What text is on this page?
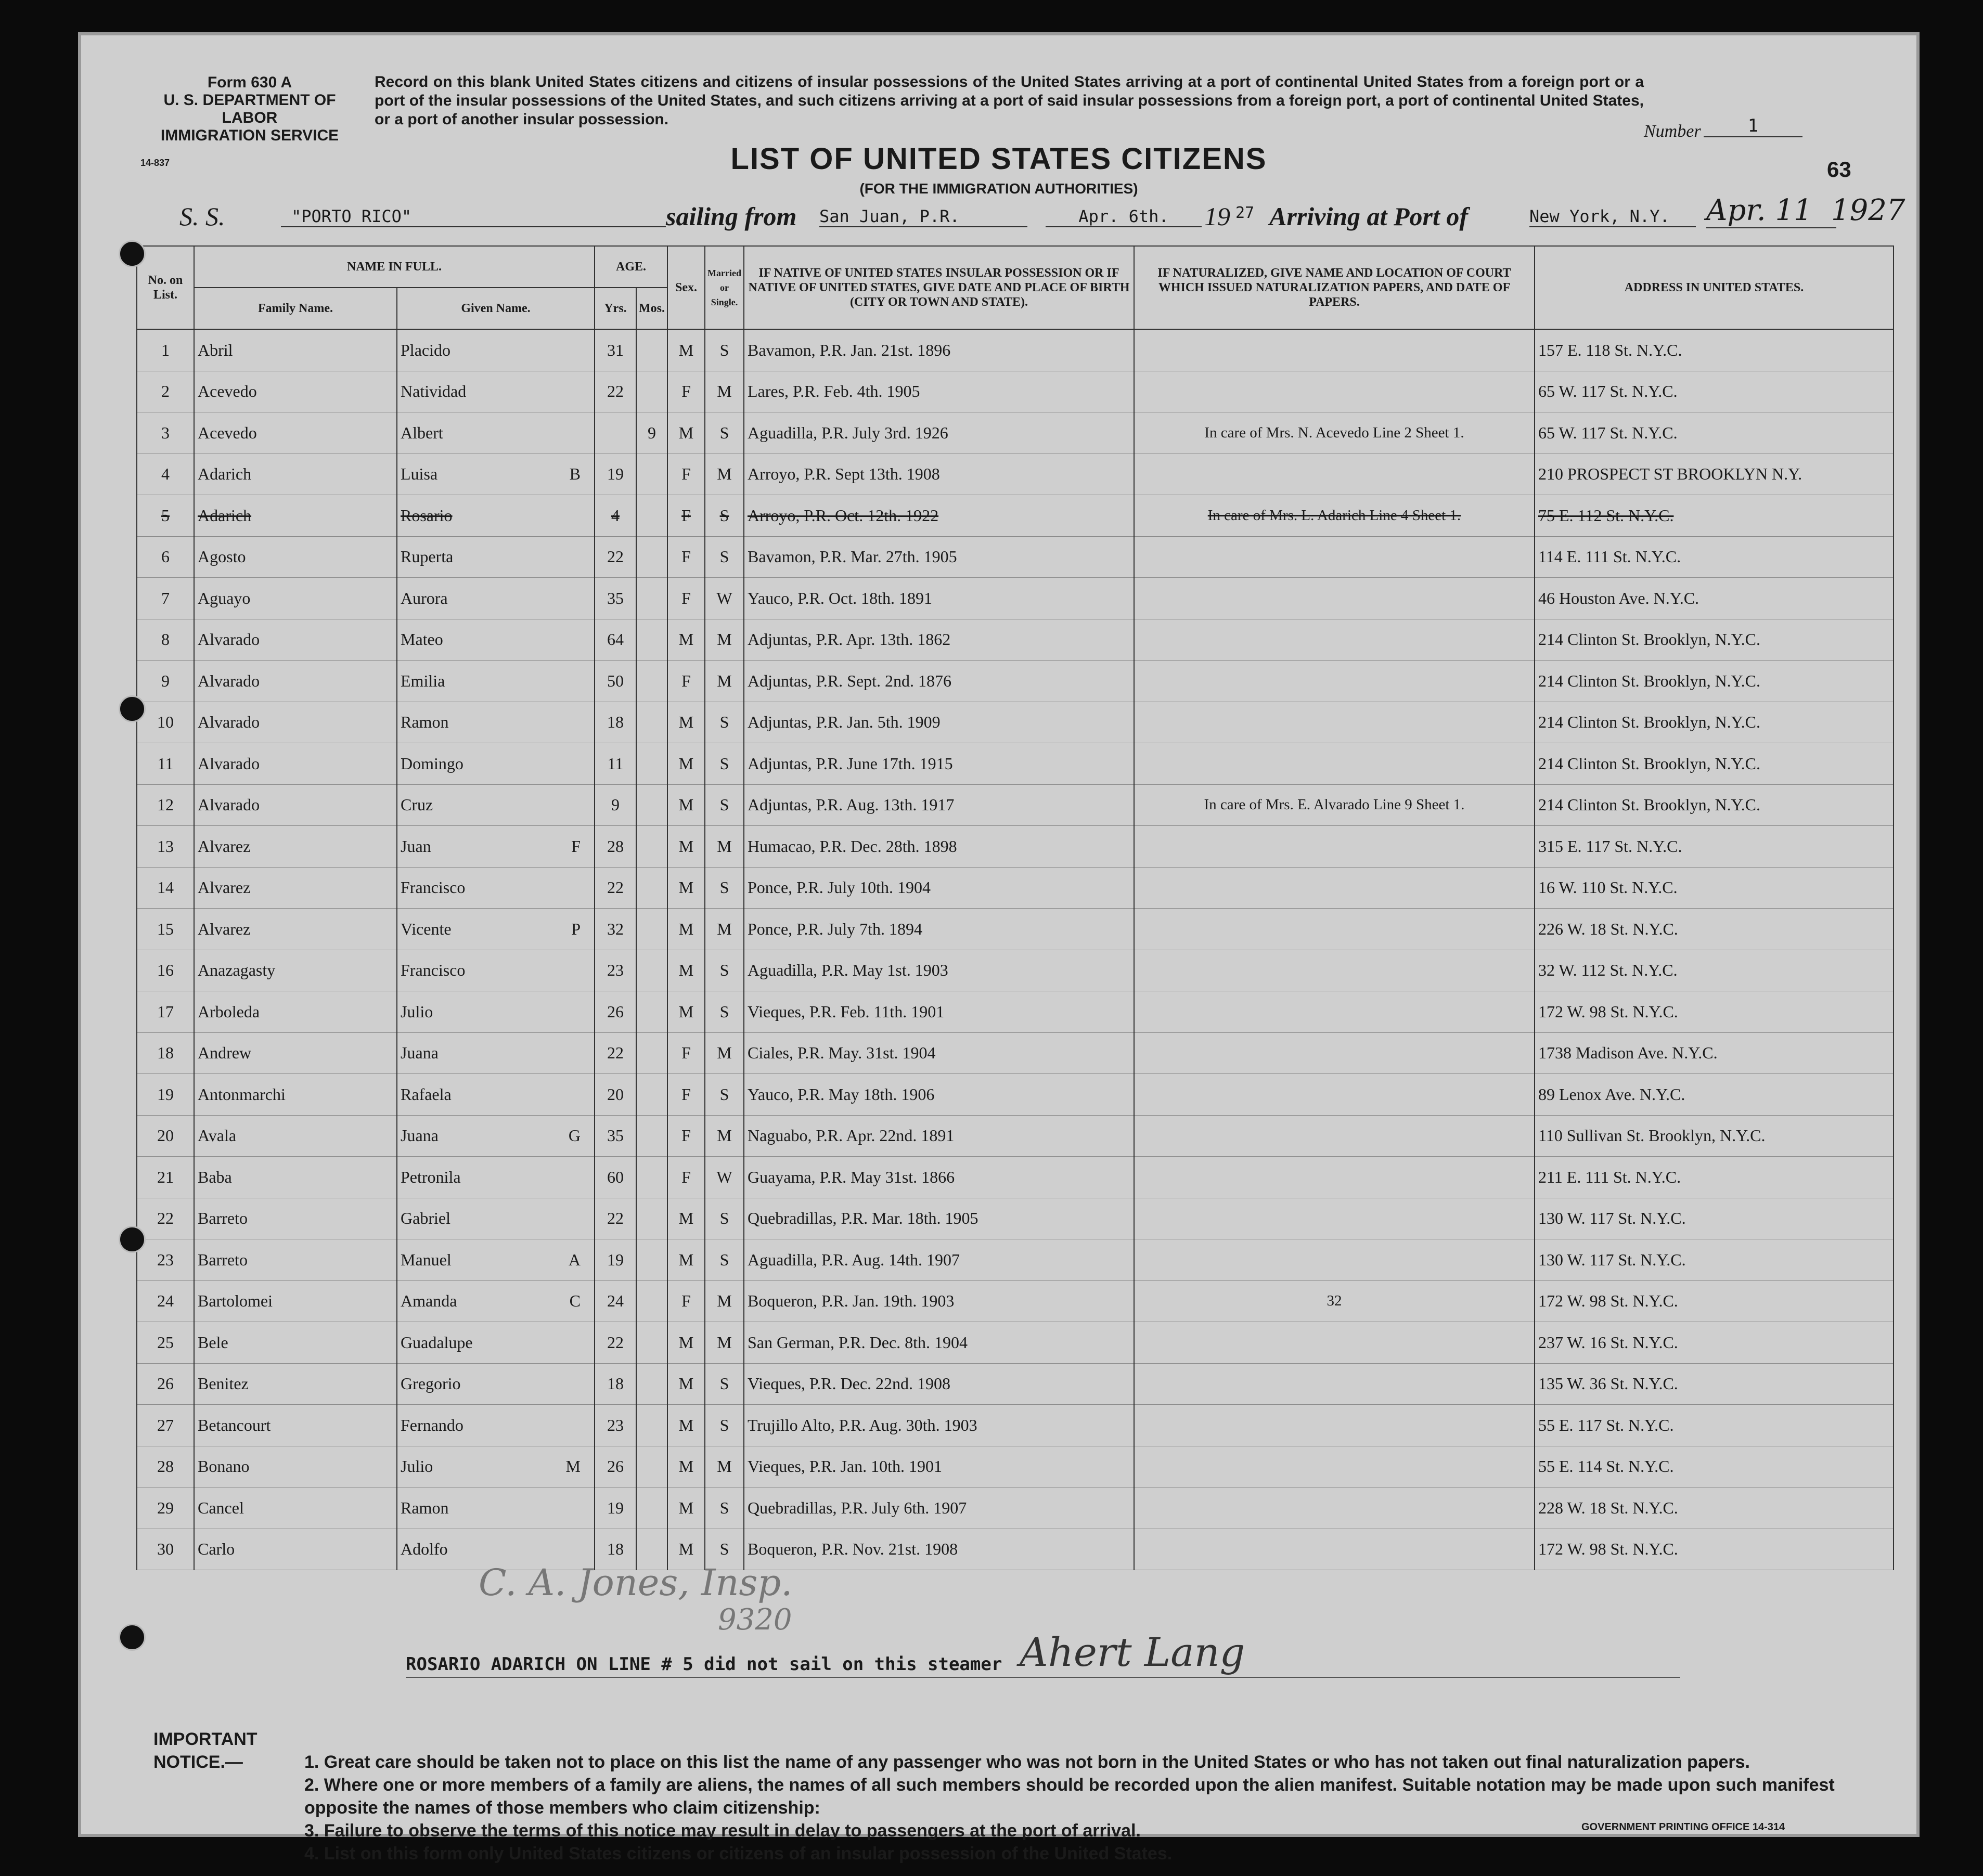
Form 630 A
U. S. DEPARTMENT OF LABOR
IMMIGRATION SERVICE
14-837
Record on this blank United States citizens and citizens of insular possessions of the United States arriving at a port of continental United States from a foreign port or a port of the insular possessions of the United States, and such citizens arriving at a port of said insular possessions from a foreign port, a port of continental United States, or a port of another insular possession.
Number	1
63
LIST OF UNITED STATES CITIZENS
(FOR THE IMMIGRATION AUTHORITIES)
S. S.	"PORTO RICO"	sailing from San Juan, P.R.	Apr. 6th.	19 27 Arriving at Port of	New York, N.Y.	Apr. 11 1927
No. on List.	NAME IN FULL.		AGE.		Sex.	Married or Single.	IF NATIVE OF UNITED STATES INSULAR POSSESSION OR IF NATIVE OF UNITED STATES, GIVE DATE AND PLACE OF BIRTH (CITY OR TOWN AND STATE).	IF NATURALIZED, GIVE NAME AND LOCATION OF COURT WHICH ISSUED NATURALIZATION PAPERS, AND DATE OF PAPERS.	ADDRESS IN UNITED STATES.
	Family Name.	Given Name.	Yrs.	Mos.					
1	Abril	Placido	31		M	S	Bavamon, P.R. Jan. 21st. 1896		157 E. 118 St. N.Y.C.
2	Acevedo	Natividad	22		F	M	Lares, P.R. Feb. 4th. 1905		65 W. 117 St. N.Y.C.
3	Acevedo	Albert		9	M	S	Aguadilla, P.R. July 3rd. 1926	In care of Mrs. N. Acevedo Line 2 Sheet 1.	65 W. 117 St. N.Y.C.
4	Adarich	Luisa B	19		F	M	Arroyo, P.R. Sept 13th. 1908		210 PROSPECT ST BROOKLYN N.Y.
5	Adarich	Rosario	4		F	S	Arroyo, P.R. Oct. 12th. 1922	In care of Mrs. L. Adarich Line 4 Sheet 1.	75 E. 112 St. N.Y.C.
6	Agosto	Ruperta	22		F	S	Bavamon, P.R. Mar. 27th. 1905		114 E. 111 St. N.Y.C.
7	Aguayo	Aurora	35		F	W	Yauco, P.R. Oct. 18th. 1891		46 Houston Ave. N.Y.C.
8	Alvarado	Mateo	64		M	M	Adjuntas, P.R. Apr. 13th. 1862		214 Clinton St. Brooklyn, N.Y.C.
9	Alvarado	Emilia	50		F	M	Adjuntas, P.R. Sept. 2nd. 1876		214 Clinton St. Brooklyn, N.Y.C.
10	Alvarado	Ramon	18		M	S	Adjuntas, P.R. Jan. 5th. 1909		214 Clinton St. Brooklyn, N.Y.C.
11	Alvarado	Domingo	11		M	S	Adjuntas, P.R. June 17th. 1915		214 Clinton St. Brooklyn, N.Y.C.
12	Alvarado	Cruz	9		M	S	Adjuntas, P.R. Aug. 13th. 1917	In care of Mrs. E. Alvarado Line 9 Sheet 1.	214 Clinton St. Brooklyn, N.Y.C.
13	Alvarez	Juan F	28		M	M	Humacao, P.R. Dec. 28th. 1898		315 E. 117 St. N.Y.C.
14	Alvarez	Francisco	22		M	S	Ponce, P.R. July 10th. 1904		16 W. 110 St. N.Y.C.
15	Alvarez	Vicente P	32		M	M	Ponce, P.R. July 7th. 1894		226 W. 18 St. N.Y.C.
16	Anazagasty	Francisco	23		M	S	Aguadilla, P.R. May 1st. 1903		32 W. 112 St. N.Y.C.
17	Arboleda	Julio	26		M	S	Vieques, P.R. Feb. 11th. 1901		172 W. 98 St. N.Y.C.
18	Andrew	Juana	22		F	M	Ciales, P.R. May. 31st. 1904		1738 Madison Ave. N.Y.C.
19	Antonmarchi	Rafaela	20		F	S	Yauco, P.R. May 18th. 1906		89 Lenox Ave. N.Y.C.
20	Avala	Juana G	35		F	M	Naguabo, P.R. Apr. 22nd. 1891		110 Sullivan St. Brooklyn, N.Y.C.
21	Baba	Petronila	60		F	W	Guayama, P.R. May 31st. 1866		211 E. 111 St. N.Y.C.
22	Barreto	Gabriel	22		M	S	Quebradillas, P.R. Mar. 18th. 1905		130 W. 117 St. N.Y.C.
23	Barreto	Manuel A	19		M	S	Aguadilla, P.R. Aug. 14th. 1907		130 W. 117 St. N.Y.C.
24	Bartolomei	Amanda C	24		F	M	Boqueron, P.R. Jan. 19th. 1903	32	172 W. 98 St. N.Y.C.
25	Bele	Guadalupe	22		M	M	San German, P.R. Dec. 8th. 1904		237 W. 16 St. N.Y.C.
26	Benitez	Gregorio	18		M	S	Vieques, P.R. Dec. 22nd. 1908		135 W. 36 St. N.Y.C.
27	Betancourt	Fernando	23		M	S	Trujillo Alto, P.R. Aug. 30th. 1903		55 E. 117 St. N.Y.C.
28	Bonano	Julio M	26		M	M	Vieques, P.R. Jan. 10th. 1901		55 E. 114 St. N.Y.C.
29	Cancel	Ramon	19		M	S	Quebradillas, P.R. July 6th. 1907		228 W. 18 St. N.Y.C.
30	Carlo	Adolfo	18		M	S	Boqueron, P.R. Nov. 21st. 1908		172 W. 98 St. N.Y.C.
C. A. Jones, Insp.
9320
ROSARIO ADARICH ON LINE # 5 did not sail on this steamer Ahert Lang
IMPORTANT NOTICE.—	1. Great care should be taken not to place on this list the name of any passenger who was not born in the United States or who has not taken out final naturalization papers.
2. Where one or more members of a family are aliens, the names of all such members should be recorded upon the alien manifest. Suitable notation may be made upon such manifest opposite the names of those members who claim citizenship:
3. Failure to observe the terms of this notice may result in delay to passengers at the port of arrival.
4. List on this form only United States citizens or citizens of an insular possession of the United States.
GOVERNMENT PRINTING OFFICE 14-314
